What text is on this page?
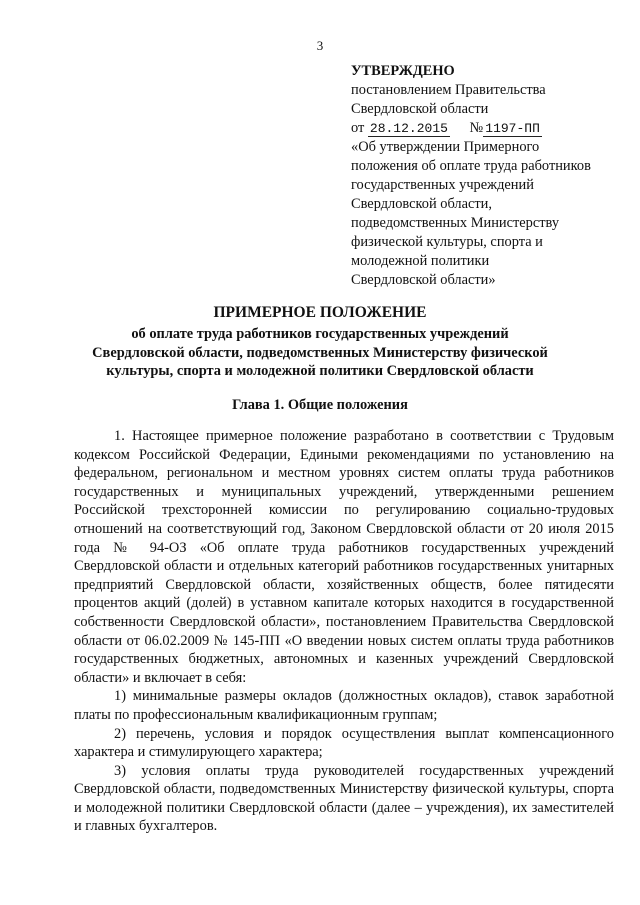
3
УТВЕРЖДЕНО
постановлением Правительства
Свердловской области
от 28.12.2015 № 1197-ПП
«Об утверждении Примерного
положения об оплате труда работников
государственных учреждений
Свердловской области,
подведомственных Министерству
физической культуры, спорта и
молодежной политики
Свердловской области»
ПРИМЕРНОЕ ПОЛОЖЕНИЕ
об оплате труда работников государственных учреждений
Свердловской области, подведомственных Министерству физической
культуры, спорта и молодежной политики Свердловской области
Глава 1. Общие положения

1. Настоящее примерное положение разработано в соответствии с Трудовым кодексом Российской Федерации, Едиными рекомендациями по установлению на федеральном, региональном и местном уровнях систем оплаты труда работников государственных и муниципальных учреждений, утвержденными решением Российской трехсторонней комиссии по регулированию социально-трудовых отношений на соответствующий год, Законом Свердловской области от 20 июля 2015 года № 94-ОЗ «Об оплате труда работников государственных учреждений Свердловской области и отдельных категорий работников государственных унитарных предприятий Свердловской области, хозяйственных обществ, более пятидесяти процентов акций (долей) в уставном капитале которых находится в государственной собственности Свердловской области», постановлением Правительства Свердловской области от 06.02.2009 № 145-ПП «О введении новых систем оплаты труда работников государственных бюджетных, автономных и казенных учреждений Свердловской области» и включает в себя:

1) минимальные размеры окладов (должностных окладов), ставок заработной платы по профессиональным квалификационным группам;

2) перечень, условия и порядок осуществления выплат компенсационного характера и стимулирующего характера;

3) условия оплаты труда руководителей государственных учреждений Свердловской области, подведомственных Министерству физической культуры, спорта и молодежной политики Свердловской области (далее – учреждения), их заместителей и главных бухгалтеров.
